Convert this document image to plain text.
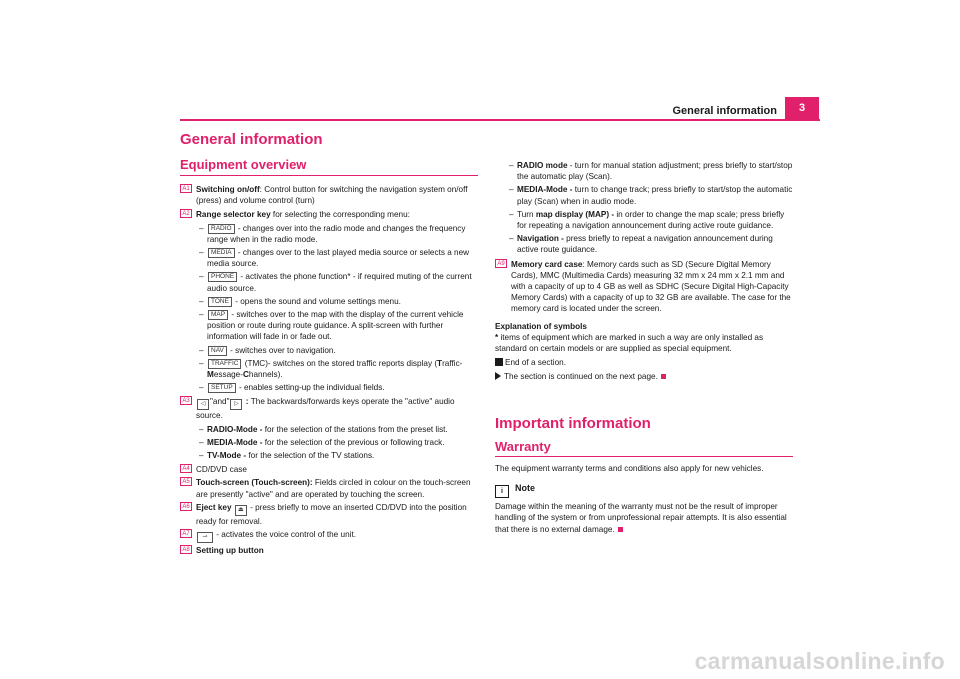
3
General information
General information
Equipment overview

A1 Switching on/off: Control button for switching the navigation system on/off (press) and volume control (turn)

A2 Range selector key for selecting the corresponding menu:

– RADIO - changes over into the radio mode and changes the frequency range when in the radio mode.

– MEDIA - changes over to the last played media source or selects a new media source.

– PHONE - activates the phone function* - if required muting of the current audio source.

– TONE - opens the sound and volume settings menu.

– MAP - switches over to the map with the display of the current vehicle position or route during route guidance. A split-screen with further information will fade in or fade out.

– NAV - switches over to navigation.

– TRAFFIC (TMC)- switches on the stored traffic reports display (Traffic-Message-Channels).

– SETUP - enables setting-up the individual fields.

A3	◁ "and" ▷ : The backwards/forwards keys operate the "active" audio source.

– RADIO-Mode - for the selection of the stations from the preset list.

– MEDIA-Mode - for the selection of the previous or following track.

– TV-Mode - for the selection of the TV stations.

A4 CD/DVD case

A5 Touch-screen (Touch-screen): Fields circled in colour on the touch-screen are presently "active" and are operated by touching the screen.

A6 Eject key ⏏ - press briefly to move an inserted CD/DVD into the position ready for removal.

A7	⇀ - activates the voice control of the unit.

A8 Setting up button

– RADIO mode - turn for manual station adjustment; press briefly to start/stop the automatic play (Scan).

– MEDIA-Mode - turn to change track; press briefly to start/stop the automatic play (Scan) when in audio mode.

– Turn map display (MAP) - in order to change the map scale; press briefly for repeating a navigation announcement during active route guidance.

– Navigation - press briefly to repeat a navigation announcement during active route guidance.

A9 Memory card case: Memory cards such as SD (Secure Digital Memory Cards), MMC (Multimedia Cards) measuring 32 mm x 24 mm x 2.1 mm and with a capacity of up to 4 GB as well as SDHC (Secure Digital High-Capacity Memory Cards) with a capacity of up to 32 GB are available. The case for the memory card is located under the screen.

Explanation of symbols

* items of equipment which are marked in such a way are only installed as standard on certain models or are supplied as special equipment.

End of a section.

The section is continued on the next page.

Important information
Warranty

The equipment warranty terms and conditions also apply for new vehicles.

i Note

Damage within the meaning of the warranty must not be the result of improper handling of the system or from unprofessional repair attempts. It is also essential that there is no external damage.

carmanualsonline.info
